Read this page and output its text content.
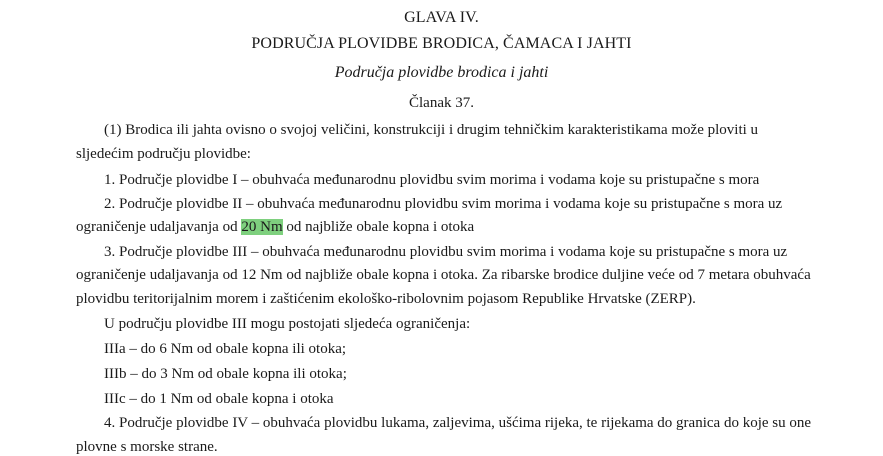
GLAVA IV.
PODRUČJA PLOVIDBE BRODICA, ČAMACA I JAHTI
Područja plovidbe brodica i jahti
Članak 37.
(1) Brodica ili jahta ovisno o svojoj veličini, konstrukciji i drugim tehničkim karakteristikama može ploviti u
sljedećim području plovidbe:
1. Područje plovidbe I – obuhvaća međunarodnu plovidbu svim morima i vodama koje su pristupačne s mora
2. Područje plovidbe II – obuhvaća međunarodnu plovidbu svim morima i vodama koje su pristupačne s mora uz
ograničenje udaljavanja od 20 Nm od najbliže obale kopna i otoka
3. Područje plovidbe III – obuhvaća međunarodnu plovidbu svim morima i vodama koje su pristupačne s mora uz
ograničenje udaljavanja od 12 Nm od najbliže obale kopna i otoka. Za ribarske brodice duljine veće od 7 metara obuhvaća
plovidbu teritorijalnim morem i zaštićenim ekološko-ribolovnim pojasom Republike Hrvatske (ZERP).
U području plovidbe III mogu postojati sljedeća ograničenja:
IIIa – do 6 Nm od obale kopna ili otoka;
IIIb – do 3 Nm od obale kopna ili otoka;
IIIc – do 1 Nm od obale kopna i otoka
4. Područje plovidbe IV – obuhvaća plovidbu lukama, zaljevima, ušćima rijeka, te rijekama do granica do koje su one
plovne s morske strane.
